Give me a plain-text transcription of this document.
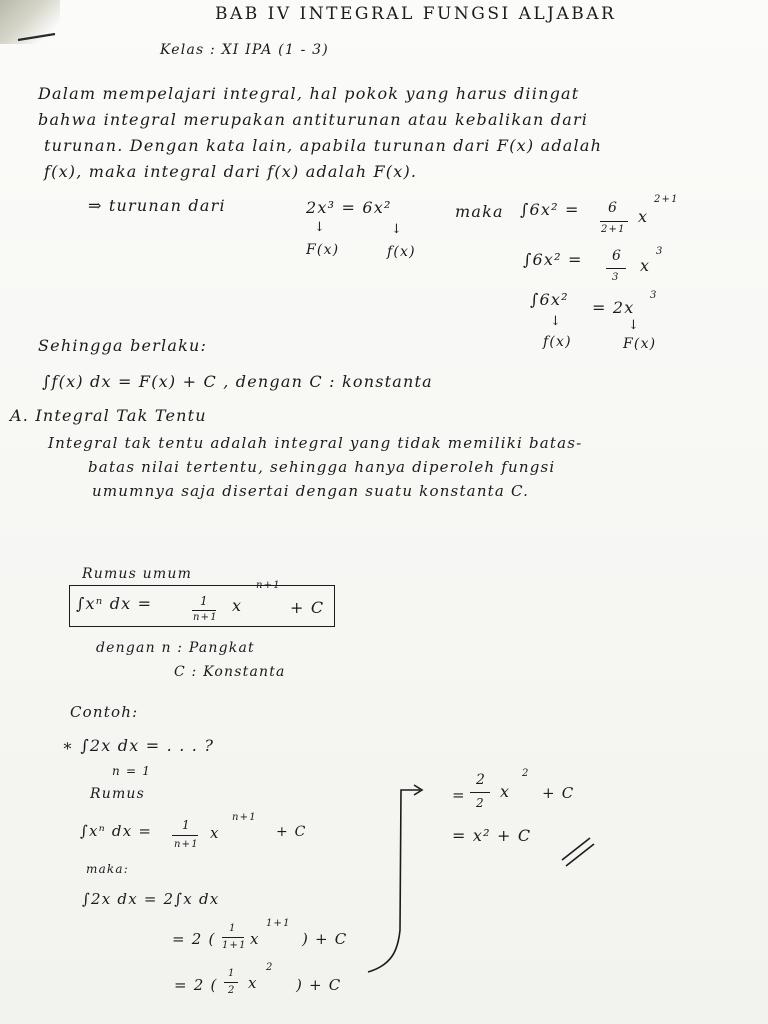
BAB IV INTEGRAL FUNGSI ALJABAR
Kelas : XI IPA (1 - 3)
Dalam mempelajari integral, hal pokok yang harus diingat
bahwa integral merupakan antiturunan atau kebalikan dari
turunan. Dengan kata lain, apabila turunan dari F(x) adalah
f(x), maka integral dari f(x) adalah F(x).
⇒ turunan dari	2x³ = 6x²	maka
↓	↓
F(x)	f(x)
∫6x² = 6
2+1
x
2+1
∫6x² = 6
3
x
3
∫6x² = 2x
3
↓	↓
f(x)	F(x)
Sehingga berlaku:
∫f(x) dx = F(x) + C , dengan C : konstanta
A. Integral Tak Tentu
Integral tak tentu adalah integral yang tidak memiliki batas-
batas nilai tertentu, sehingga hanya diperoleh fungsi
umumnya saja disertai dengan suatu konstanta C.
Rumus umum
∫xⁿ dx =	1
n+1
x
n+1
+ C
dengan n : Pangkat
C : Konstanta
Contoh:
∗ ∫2x dx = . . . ?
n = 1
Rumus
∫xⁿ dx = 1
n+1
x
n+1
+ C
maka:
∫2x dx = 2∫x dx
= 2 (
1
1+1 x
1+1
) + C
= 2 (
1
2 x
2
) + C
=
2
2
x
2
+ C
= x² + C
